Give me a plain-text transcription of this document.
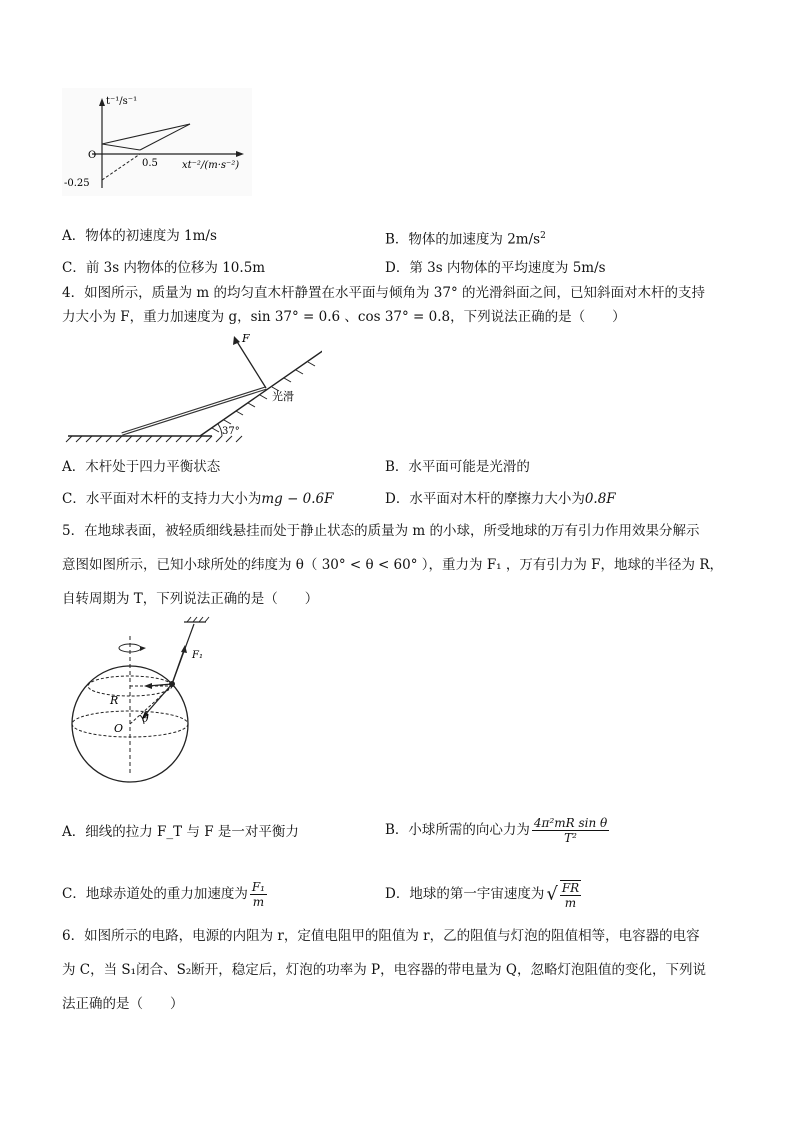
t⁻¹/s⁻¹
O
0.5
-0.25
xt⁻²/(m·s⁻²)
A．物体的初速度为 1m/s	B．物体的加速度为 $2m/s^2$
C．前 3s 内物体的位移为 10.5m	D．第 3s 内物体的平均速度为 5m/s
4．如图所示，质量为 m 的均匀直木杆静置在水平面与倾角为 37° 的光滑斜面之间，已知斜面对木杆的支持
力大小为 F，重力加速度为 g，sin 37° = 0.6 、cos 37° = 0.8，下列说法正确的是（　　）
F
光滑
37°
A．木杆处于四力平衡状态	B．水平面可能是光滑的
C．水平面对木杆的支持力大小为mg − 0.6F	D．水平面对木杆的摩擦力大小为0.8F
5．在地球表面，被轻质细线悬挂而处于静止状态的质量为 m 的小球，所受地球的万有引力作用效果分解示
意图如图所示，已知小球所处的纬度为 θ（ 30° < θ < 60° ），重力为 F₁ ，万有引力为 F，地球的半径为 R，
自转周期为 T，下列说法正确的是（　　）
F₁
R
O
θ
A．细线的拉力 F_T 与 F 是一对平衡力	B．小球所需的向心力为 $\frac{\text{4π²mR sin θ}}{\text{T²}}$
C．地球赤道处的重力加速度为 $\frac{\text{F₁}}{m}$	D．地球的第一宇宙速度为 √ $\frac{FR}{m}$
6．如图所示的电路，电源的内阻为 r，定值电阻甲的阻值为 r，乙的阻值与灯泡的阻值相等，电容器的电容
为 C，当 S₁闭合、S₂断开，稳定后，灯泡的功率为 P，电容器的带电量为 Q，忽略灯泡阻值的变化，下列说
法正确的是（　　）
